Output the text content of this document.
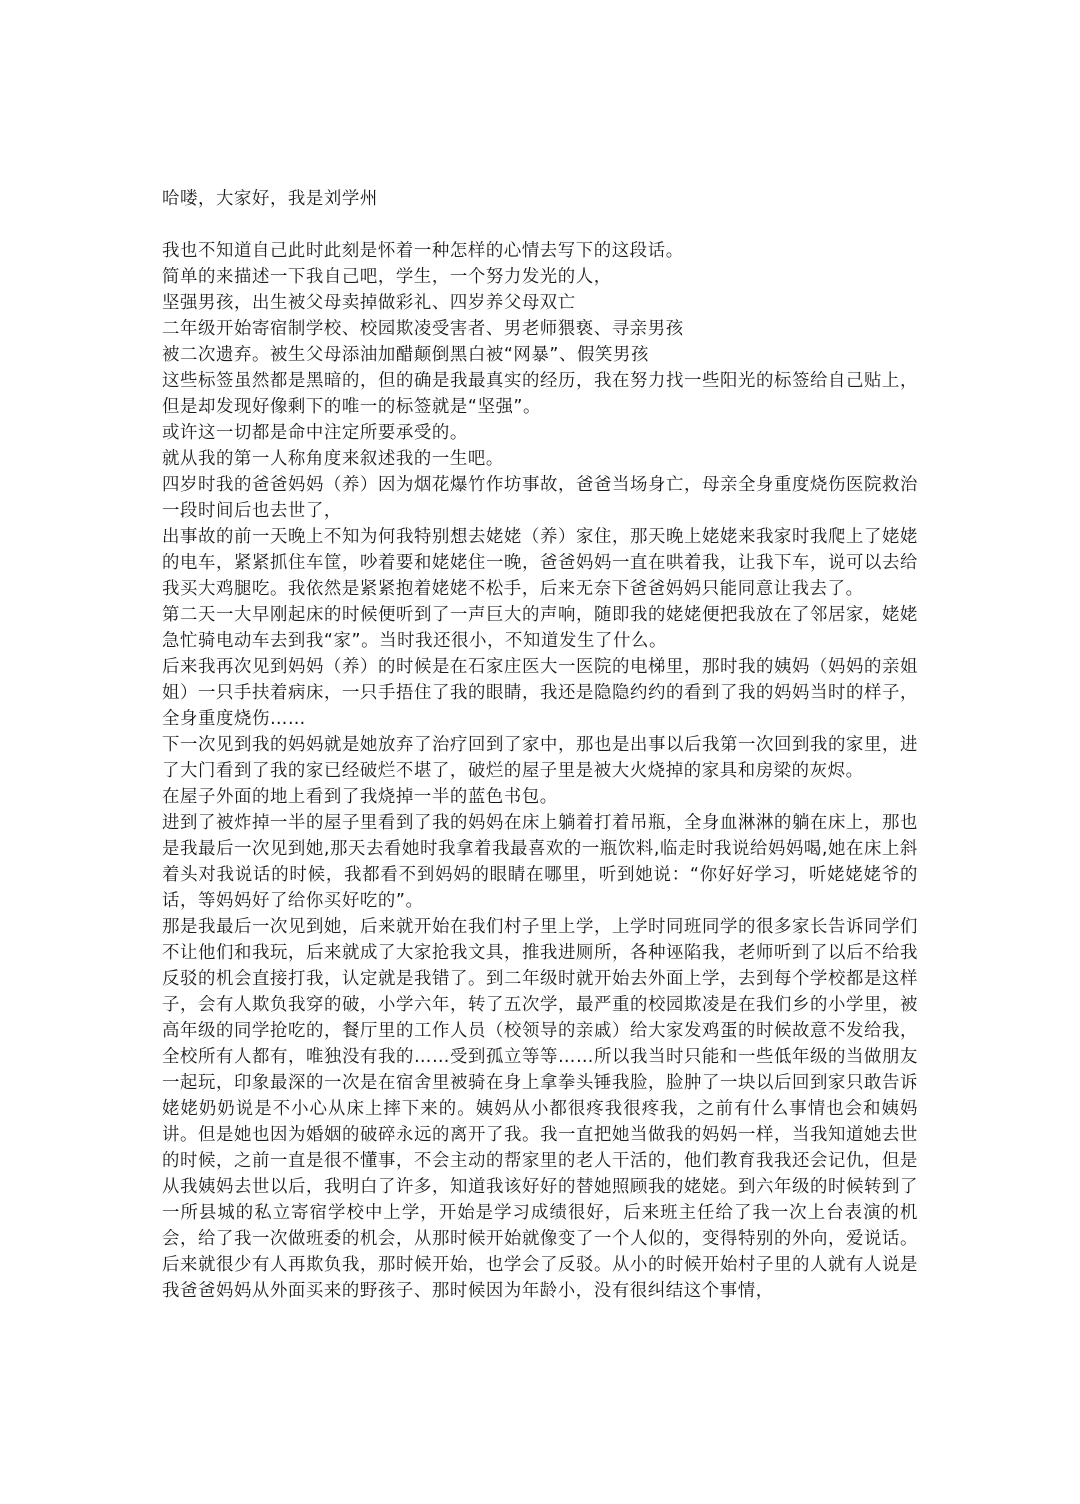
哈喽，大家好，我是刘学州

我也不知道自己此时此刻是怀着一种怎样的心情去写下的这段话。

简单的来描述一下我自己吧，学生，一个努力发光的人，

坚强男孩，出生被父母卖掉做彩礼、四岁养父母双亡

二年级开始寄宿制学校、校园欺凌受害者、男老师猥亵、寻亲男孩

被二次遗弃。被生父母添油加醋颠倒黑白被“网暴”、假笑男孩

这些标签虽然都是黑暗的，但的确是我最真实的经历，我在努力找一些阳光的标签给自己贴上，但是却发现好像剩下的唯一的标签就是“坚强”。

或许这一切都是命中注定所要承受的。

就从我的第一人称角度来叙述我的一生吧。

四岁时我的爸爸妈妈（养）因为烟花爆竹作坊事故，爸爸当场身亡，母亲全身重度烧伤医院救治一段时间后也去世了，

出事故的前一天晚上不知为何我特别想去姥姥（养）家住，那天晚上姥姥来我家时我爬上了姥姥的电车，紧紧抓住车筐，吵着要和姥姥住一晚，爸爸妈妈一直在哄着我，让我下车，说可以去给我买大鸡腿吃。我依然是紧紧抱着姥姥不松手，后来无奈下爸爸妈妈只能同意让我去了。

第二天一大早刚起床的时候便听到了一声巨大的声响，随即我的姥姥便把我放在了邻居家，姥姥急忙骑电动车去到我“家”。当时我还很小，不知道发生了什么。

后来我再次见到妈妈（养）的时候是在石家庄医大一医院的电梯里，那时我的姨妈（妈妈的亲姐姐）一只手扶着病床，一只手捂住了我的眼睛，我还是隐隐约约的看到了我的妈妈当时的样子，全身重度烧伤……

下一次见到我的妈妈就是她放弃了治疗回到了家中，那也是出事以后我第一次回到我的家里，进了大门看到了我的家已经破烂不堪了，破烂的屋子里是被大火烧掉的家具和房梁的灰烬。

在屋子外面的地上看到了我烧掉一半的蓝色书包。

进到了被炸掉一半的屋子里看到了我的妈妈在床上躺着打着吊瓶，全身血淋淋的躺在床上，那也是我最后一次见到她,那天去看她时我拿着我最喜欢的一瓶饮料,临走时我说给妈妈喝,她在床上斜着头对我说话的时候，我都看不到妈妈的眼睛在哪里，听到她说：“你好好学习，听姥姥姥爷的话，等妈妈好了给你买好吃的”。

那是我最后一次见到她，后来就开始在我们村子里上学，上学时同班同学的很多家长告诉同学们不让他们和我玩，后来就成了大家抢我文具，推我进厕所，各种诬陷我，老师听到了以后不给我反驳的机会直接打我，认定就是我错了。到二年级时就开始去外面上学，去到每个学校都是这样子，会有人欺负我穿的破，小学六年，转了五次学，最严重的校园欺凌是在我们乡的小学里，被高年级的同学抢吃的，餐厅里的工作人员（校领导的亲戚）给大家发鸡蛋的时候故意不发给我，全校所有人都有，唯独没有我的……受到孤立等等……所以我当时只能和一些低年级的当做朋友一起玩，印象最深的一次是在宿舍里被骑在身上拿拳头锤我脸，脸肿了一块以后回到家只敢告诉姥姥奶奶说是不小心从床上摔下来的。姨妈从小都很疼我很疼我，之前有什么事情也会和姨妈讲。但是她也因为婚姻的破碎永远的离开了我。我一直把她当做我的妈妈一样，当我知道她去世的时候，之前一直是很不懂事，不会主动的帮家里的老人干活的，他们教育我我还会记仇，但是从我姨妈去世以后，我明白了许多，知道我该好好的替她照顾我的姥姥。到六年级的时候转到了一所县城的私立寄宿学校中上学，开始是学习成绩很好，后来班主任给了我一次上台表演的机会，给了我一次做班委的机会，从那时候开始就像变了一个人似的，变得特别的外向，爱说话。后来就很少有人再欺负我，那时候开始，也学会了反驳。从小的时候开始村子里的人就有人说是我爸爸妈妈从外面买来的野孩子、那时候因为年龄小，没有很纠结这个事情，
